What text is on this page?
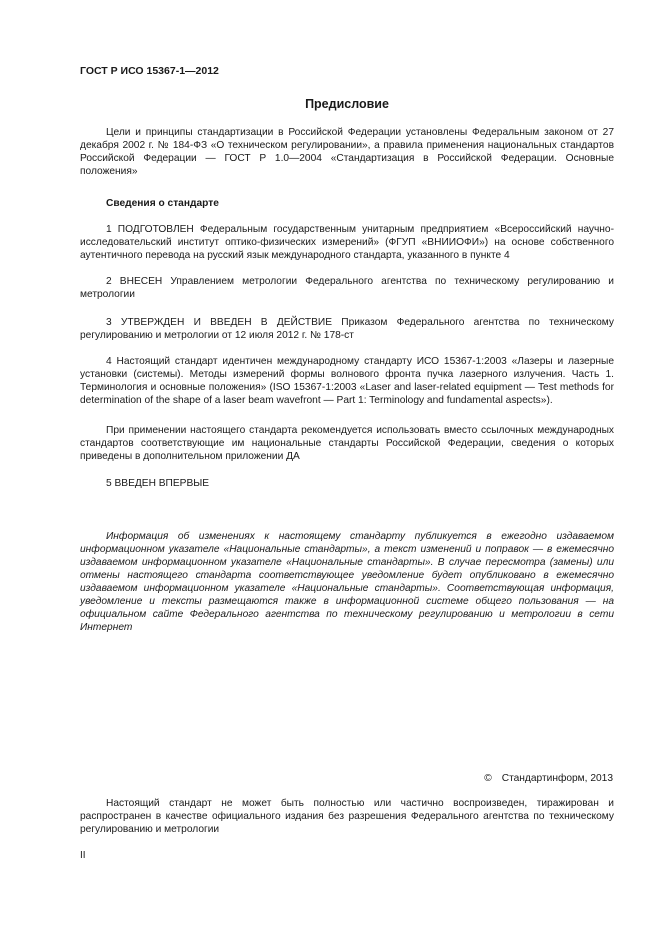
ГОСТ Р ИСО 15367-1—2012
Предисловие

Цели и принципы стандартизации в Российской Федерации установлены Федеральным законом от 27 декабря 2002 г. № 184-ФЗ «О техническом регулировании», а правила применения национальных стандартов Российской Федерации — ГОСТ Р 1.0—2004 «Стандартизация в Российской Федерации. Основные положения»

Сведения о стандарте

1 ПОДГОТОВЛЕН Федеральным государственным унитарным предприятием «Всероссийский научно-исследовательский институт оптико-физических измерений» (ФГУП «ВНИИОФИ») на основе собственного аутентичного перевода на русский язык международного стандарта, указанного в пункте 4

2 ВНЕСЕН Управлением метрологии Федерального агентства по техническому регулированию и метрологии

3 УТВЕРЖДЕН И ВВЕДЕН В ДЕЙСТВИЕ Приказом Федерального агентства по техническому регулированию и метрологии от 12 июля 2012 г. № 178-ст

4 Настоящий стандарт идентичен международному стандарту ИСО 15367-1:2003 «Лазеры и лазерные установки (системы). Методы измерений формы волнового фронта пучка лазерного излучения. Часть 1. Терминология и основные положения» (ISO 15367-1:2003 «Laser and laser-related equipment — Test methods for determination of the shape of a laser beam wavefront — Part 1: Terminology and fundamental aspects»).

При применении настоящего стандарта рекомендуется использовать вместо ссылочных международных стандартов соответствующие им национальные стандарты Российской Федерации, сведения о которых приведены в дополнительном приложении ДА

5 ВВЕДЕН ВПЕРВЫЕ

Информация об изменениях к настоящему стандарту публикуется в ежегодно издаваемом информационном указателе «Национальные стандарты», а текст изменений и поправок — в ежемесячно издаваемом информационном указателе «Национальные стандарты». В случае пересмотра (замены) или отмены настоящего стандарта соответствующее уведомление будет опубликовано в ежемесячно издаваемом информационном указателе «Национальные стандарты». Соответствующая информация, уведомление и тексты размещаются также в информационной системе общего пользования — на официальном сайте Федерального агентства по техническому регулированию и метрологии в сети Интернет

© Стандартинформ, 2013

Настоящий стандарт не может быть полностью или частично воспроизведен, тиражирован и распространен в качестве официального издания без разрешения Федерального агентства по техническому регулированию и метрологии

II
